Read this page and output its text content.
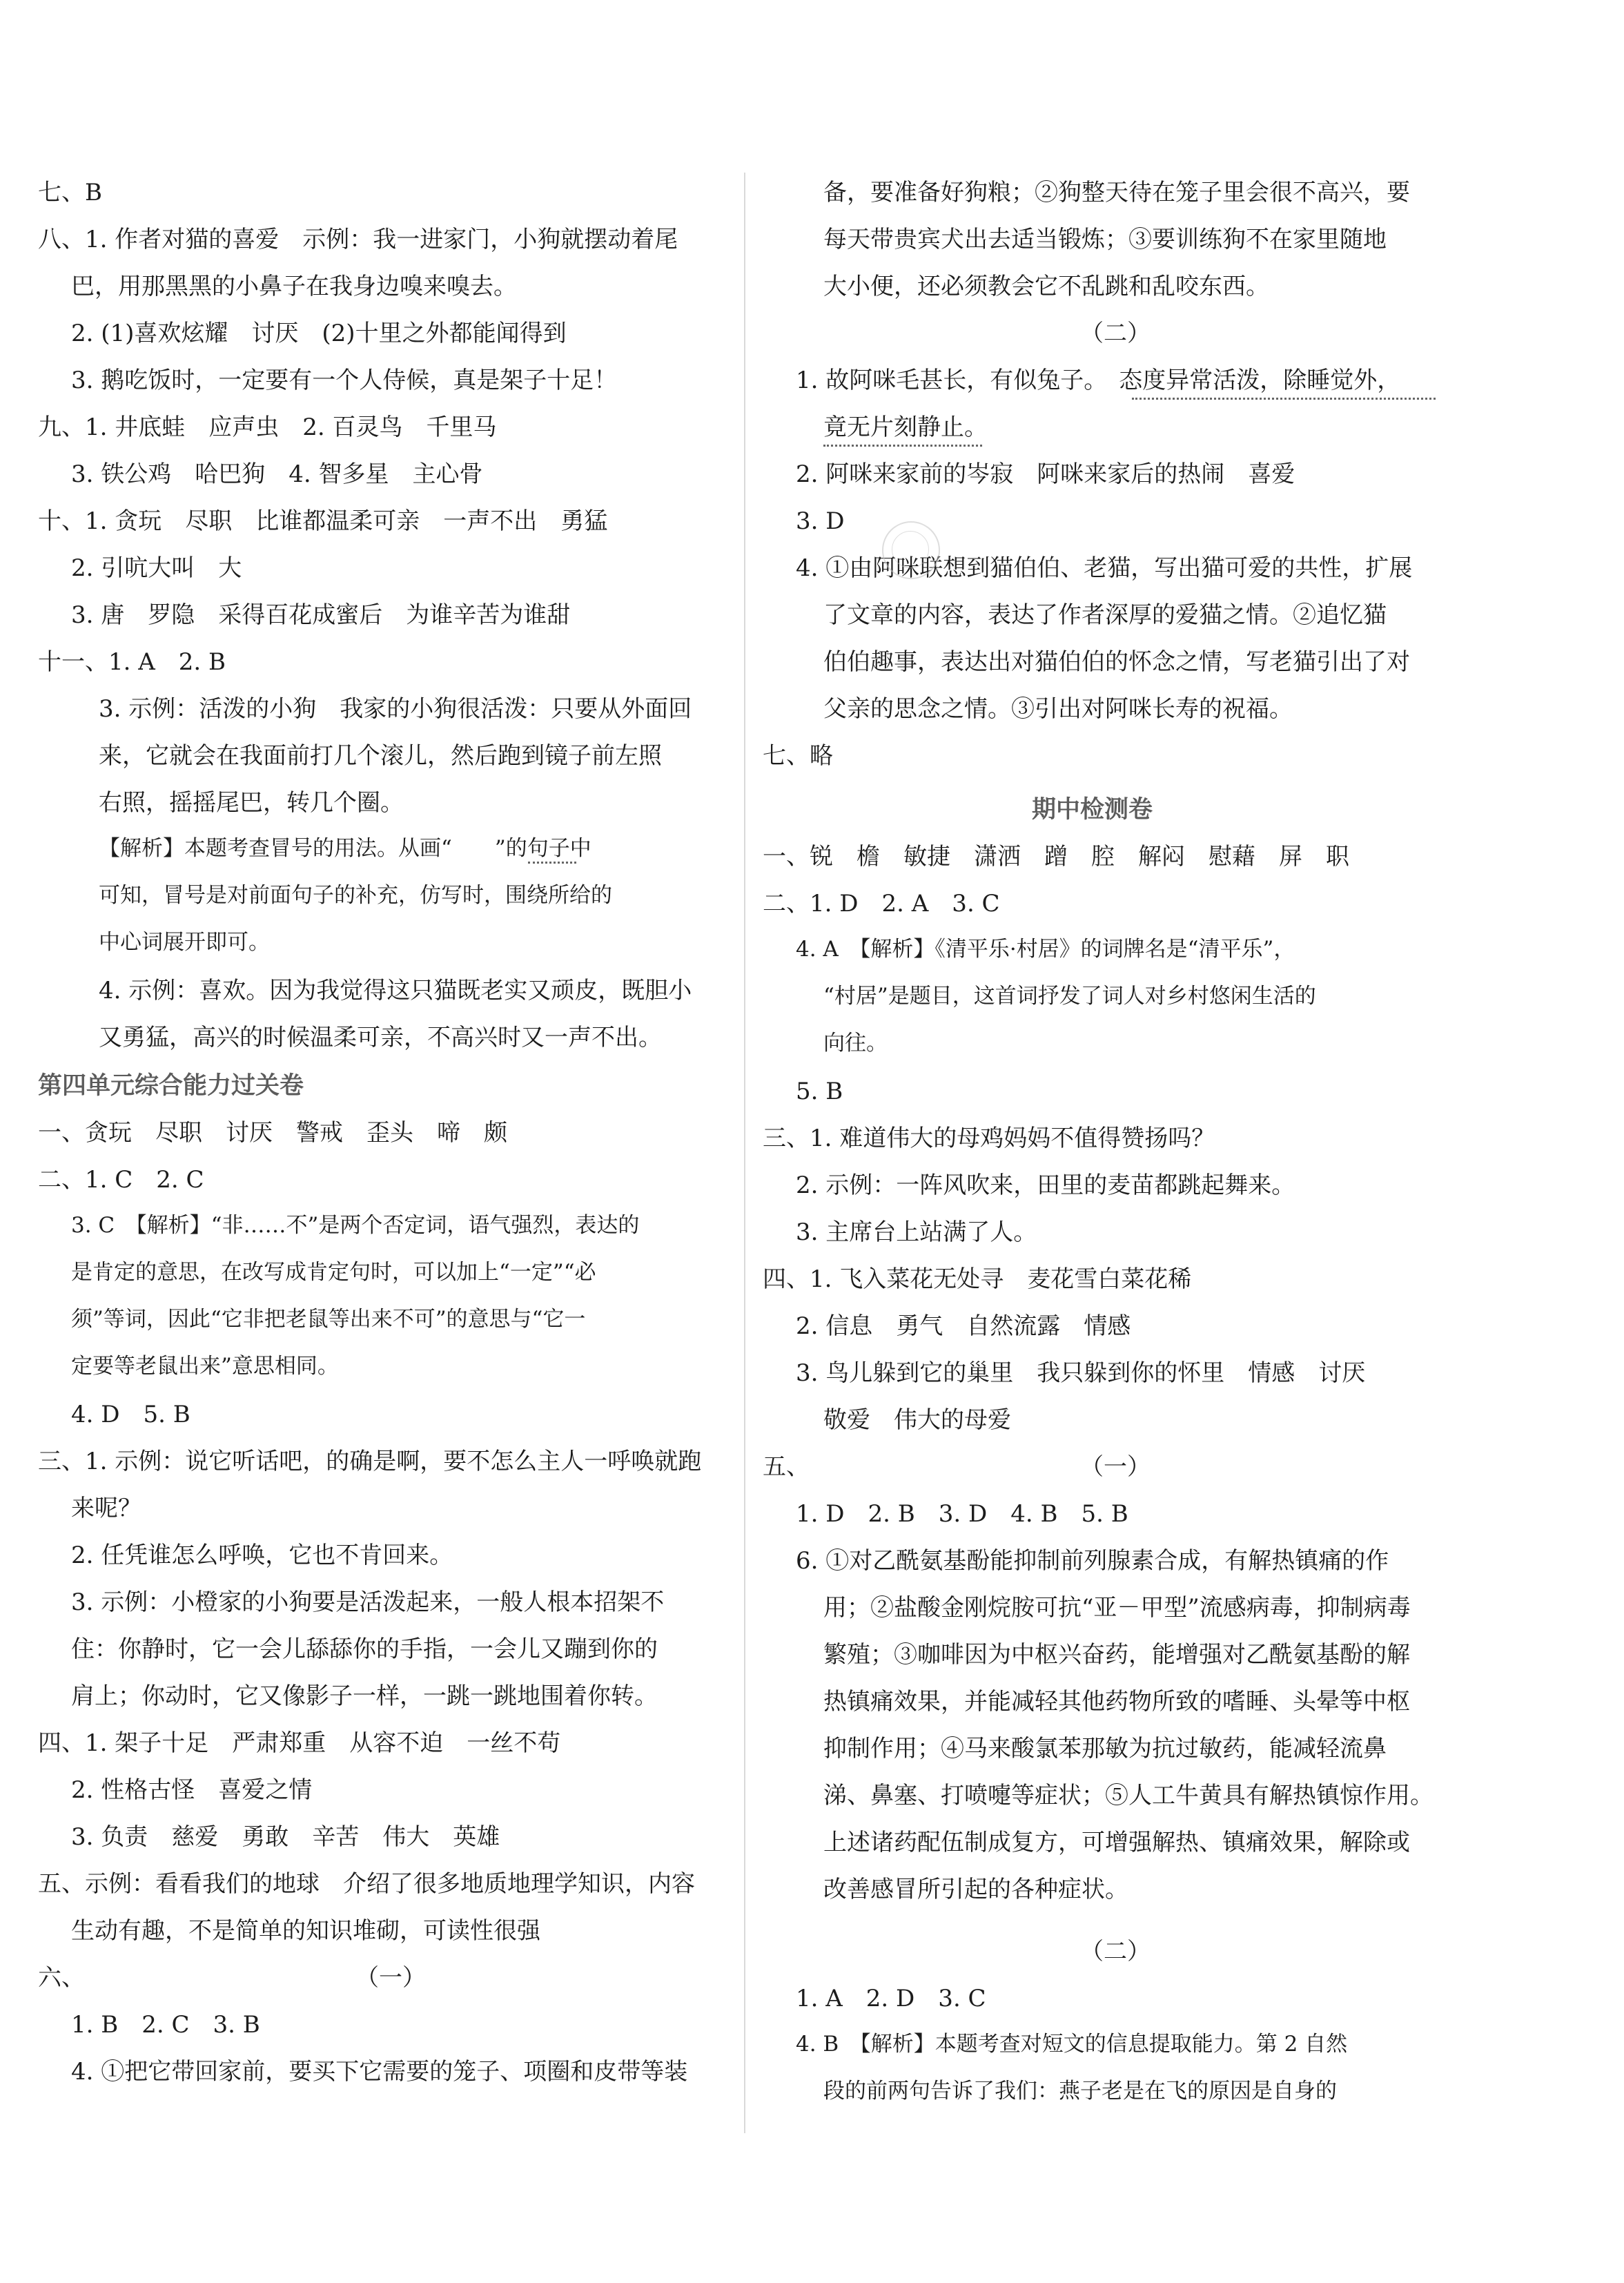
七、B
八、1. 作者对猫的喜爱　示例：我一进家门，小狗就摆动着尾
巴，用那黑黑的小鼻子在我身边嗅来嗅去。
2. (1)喜欢炫耀　讨厌　(2)十里之外都能闻得到
3. 鹅吃饭时，一定要有一个人侍候，真是架子十足！
九、1. 井底蛙　应声虫　2. 百灵鸟　千里马
3. 铁公鸡　哈巴狗　4. 智多星　主心骨
十、1. 贪玩　尽职　比谁都温柔可亲　一声不出　勇猛
2. 引吭大叫　大
3. 唐　罗隐　采得百花成蜜后　为谁辛苦为谁甜
十一、1. A　2. B
3. 示例：活泼的小狗　我家的小狗很活泼：只要从外面回
来，它就会在我面前打几个滚儿，然后跑到镜子前左照
右照，摇摇尾巴，转几个圈。
【解析】本题考查冒号的用法。从画“　　”的句子中
可知，冒号是对前面句子的补充，仿写时，围绕所给的
中心词展开即可。
4. 示例：喜欢。因为我觉得这只猫既老实又顽皮，既胆小
又勇猛，高兴的时候温柔可亲，不高兴时又一声不出。
第四单元综合能力过关卷
一、贪玩　尽职　讨厌　警戒　歪头　啼　颇
二、1. C　2. C
3. C　【解析】“非……不”是两个否定词，语气强烈，表达的
是肯定的意思，在改写成肯定句时，可以加上“一定”“必
须”等词，因此“它非把老鼠等出来不可”的意思与“它一
定要等老鼠出来”意思相同。
4. D　5. B
三、1. 示例：说它听话吧，的确是啊，要不怎么主人一呼唤就跑
来呢？
2. 任凭谁怎么呼唤，它也不肯回来。
3. 示例：小橙家的小狗要是活泼起来，一般人根本招架不
住：你静时，它一会儿舔舔你的手指，一会儿又蹦到你的
肩上；你动时，它又像影子一样，一跳一跳地围着你转。
四、1. 架子十足　严肃郑重　从容不迫　一丝不苟
2. 性格古怪　喜爱之情
3. 负责　慈爱　勇敢　辛苦　伟大　英雄
五、示例：看看我们的地球　介绍了很多地质地理学知识，内容
生动有趣，不是简单的知识堆砌，可读性很强
六、	（一）
1. B　2. C　3. B
4. ①把它带回家前，要买下它需要的笼子、项圈和皮带等装
备，要准备好狗粮；②狗整天待在笼子里会很不高兴，要
每天带贵宾犬出去适当锻炼；③要训练狗不在家里随地
大小便，还必须教会它不乱跳和乱咬东西。
（二）
1. 故阿咪毛甚长，有似兔子。　态度异常活泼，除睡觉外，
竟无片刻静止。
2. 阿咪来家前的岑寂　阿咪来家后的热闹　喜爱
3. D
4. ①由阿咪联想到猫伯伯、老猫，写出猫可爱的共性，扩展
了文章的内容，表达了作者深厚的爱猫之情。②追忆猫
伯伯趣事，表达出对猫伯伯的怀念之情，写老猫引出了对
父亲的思念之情。③引出对阿咪长寿的祝福。
七、略
期中检测卷
一、锐　檐　敏捷　潇洒　蹭　腔　解闷　慰藉　屏　职
二、1. D　2. A　3. C
4. A　【解析】《清平乐·村居》的词牌名是“清平乐”，
“村居”是题目，这首词抒发了词人对乡村悠闲生活的
向往。
5. B
三、1. 难道伟大的母鸡妈妈不值得赞扬吗？
2. 示例：一阵风吹来，田里的麦苗都跳起舞来。
3. 主席台上站满了人。
四、1. 飞入菜花无处寻　麦花雪白菜花稀
2. 信息　勇气　自然流露　情感
3. 鸟儿躲到它的巢里　我只躲到你的怀里　情感　讨厌
敬爱　伟大的母爱
五、	（一）
1. D　2. B　3. D　4. B　5. B
6. ①对乙酰氨基酚能抑制前列腺素合成，有解热镇痛的作
用；②盐酸金刚烷胺可抗“亚－甲型”流感病毒，抑制病毒
繁殖；③咖啡因为中枢兴奋药，能增强对乙酰氨基酚的解
热镇痛效果，并能减轻其他药物所致的嗜睡、头晕等中枢
抑制作用；④马来酸氯苯那敏为抗过敏药，能减轻流鼻
涕、鼻塞、打喷嚏等症状；⑤人工牛黄具有解热镇惊作用。
上述诸药配伍制成复方，可增强解热、镇痛效果，解除或
改善感冒所引起的各种症状。
（二）
1. A　2. D　3. C
4. B　【解析】本题考查对短文的信息提取能力。第 2 自然
段的前两句告诉了我们：燕子老是在飞的原因是自身的
